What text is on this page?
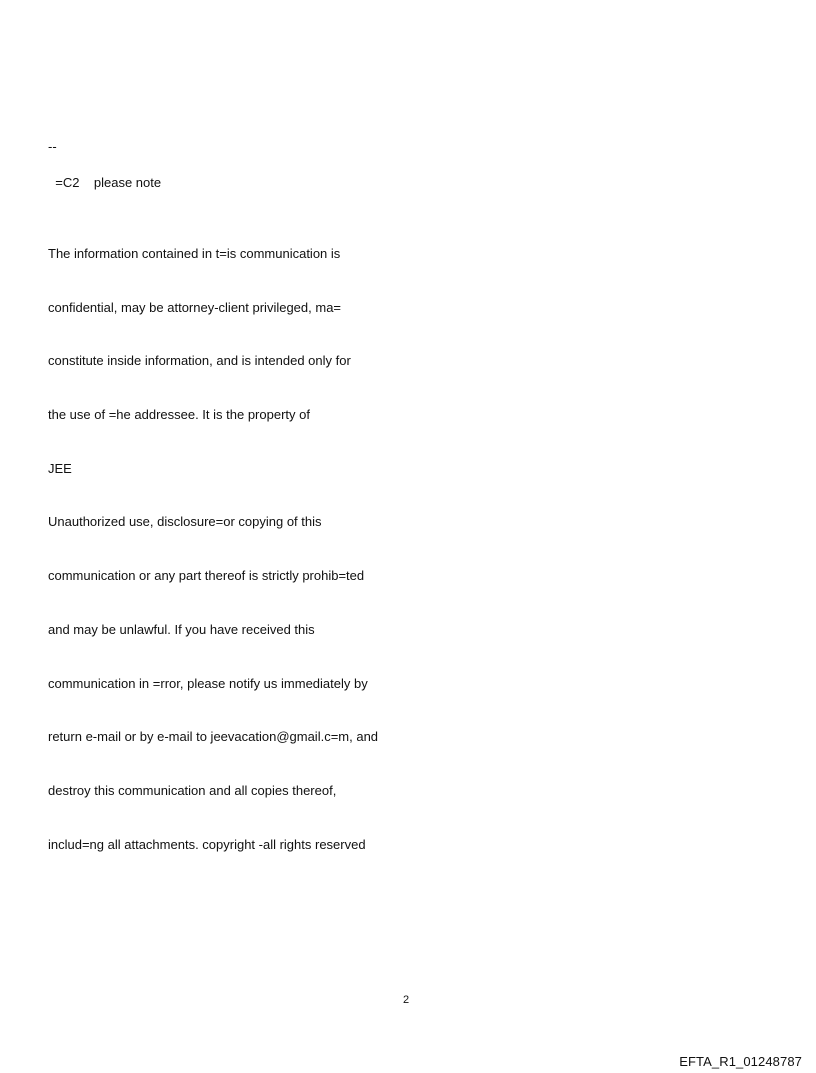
--
=C2    please note

The information contained in t=is communication is

confidential, may be attorney-client privileged, ma=

constitute inside information, and is intended only for

the use of =he addressee. It is the property of

JEE

Unauthorized use, disclosure=or copying of this

communication or any part thereof is strictly prohib=ted

and may be unlawful. If you have received this

communication in =rror, please notify us immediately by

return e-mail or by e-mail to jeevacation@gmail.c=m, and

destroy this communication and all copies thereof,

includ=ng all attachments. copyright -all rights reserved

2
EFTA_R1_01248787
